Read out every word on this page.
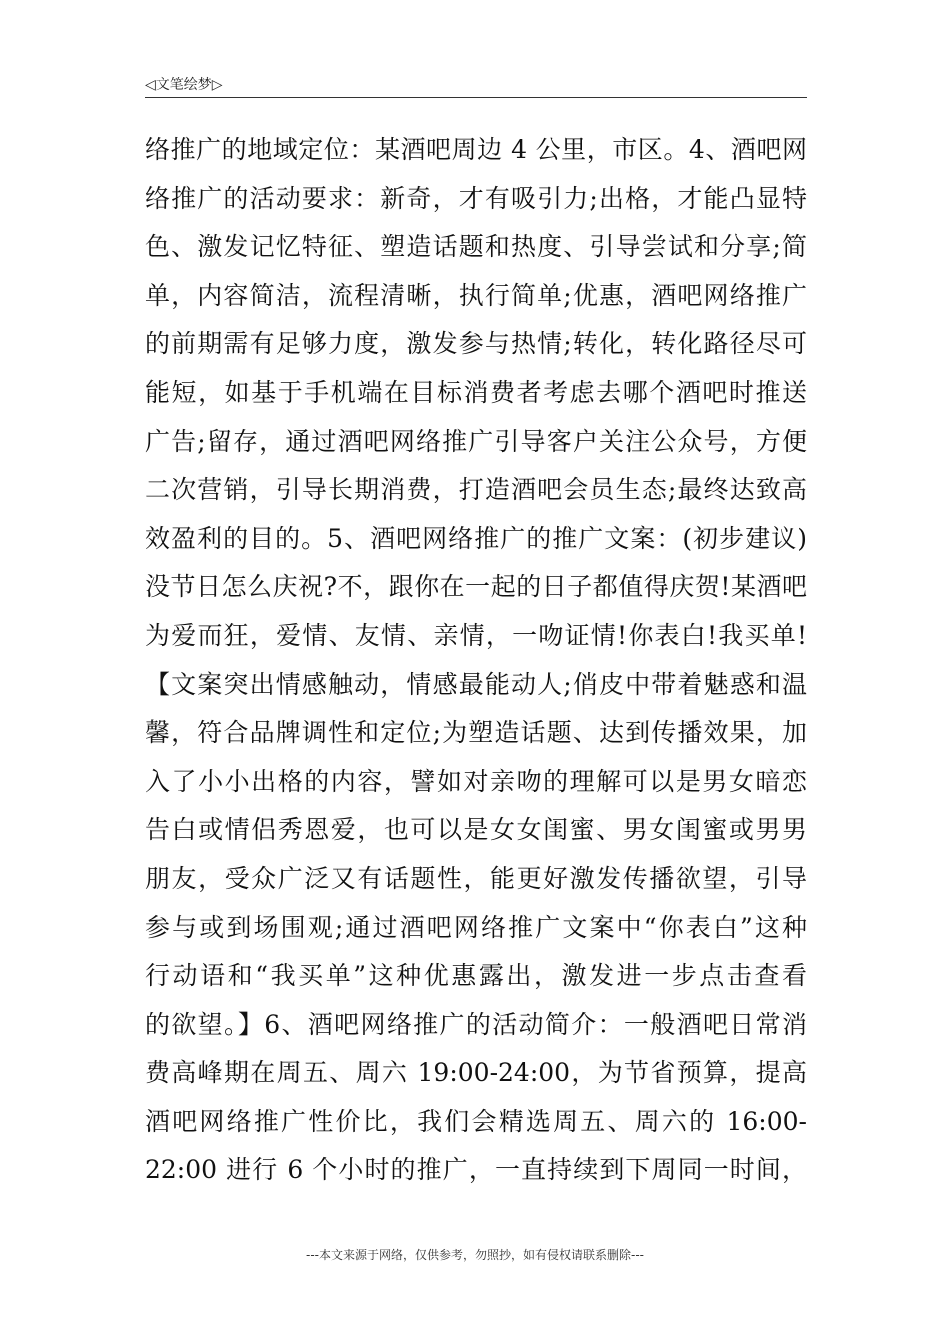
◁文笔绘梦▷
络推广的地域定位：某酒吧周边 4 公里，市区。4、酒吧网
络推广的活动要求：新奇，才有吸引力;出格，才能凸显特
色、激发记忆特征、塑造话题和热度、引导尝试和分享;简
单，内容简洁，流程清晰，执行简单;优惠，酒吧网络推广
的前期需有足够力度，激发参与热情;转化，转化路径尽可
能短，如基于手机端在目标消费者考虑去哪个酒吧时推送
广告;留存，通过酒吧网络推广引导客户关注公众号，方便
二次营销，引导长期消费，打造酒吧会员生态;最终达致高
效盈利的目的。5、酒吧网络推广的推广文案：(初步建议)
没节日怎么庆祝?不，跟你在一起的日子都值得庆贺!某酒吧
为爱而狂，爱情、友情、亲情，一吻证情!你表白!我买单!
【文案突出情感触动，情感最能动人;俏皮中带着魅惑和温
馨，符合品牌调性和定位;为塑造话题、达到传播效果，加
入了小小出格的内容，譬如对亲吻的理解可以是男女暗恋
告白或情侣秀恩爱，也可以是女女闺蜜、男女闺蜜或男男
朋友，受众广泛又有话题性，能更好激发传播欲望，引导
参与或到场围观;通过酒吧网络推广文案中“你表白”这种
行动语和“我买单”这种优惠露出，激发进一步点击查看
的欲望。】6、酒吧网络推广的活动简介：一般酒吧日常消
费高峰期在周五、周六 19:00-24:00，为节省预算，提高
酒吧网络推广性价比，我们会精选周五、周六的 16:00-
22:00 进行 6 个小时的推广，一直持续到下周同一时间，
---本文来源于网络，仅供参考，勿照抄，如有侵权请联系删除---
